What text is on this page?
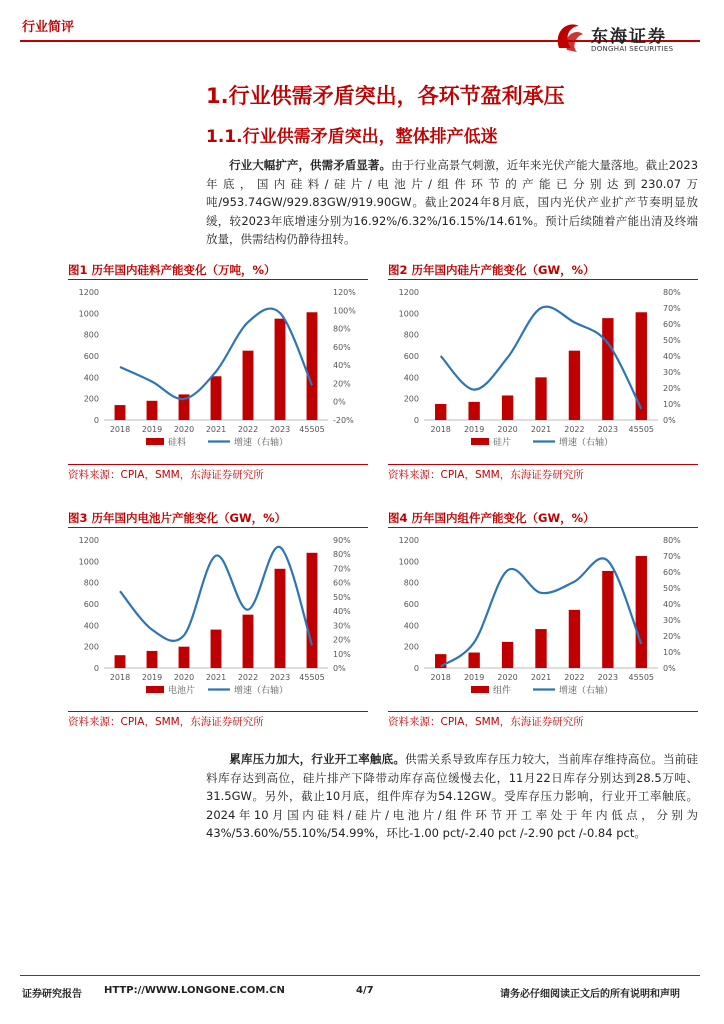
行业简评	东海证券
DONGHAI SECURITIES
1.行业供需矛盾突出，各环节盈利承压
1.1.行业供需矛盾突出，整体排产低迷
行业大幅扩产，供需矛盾显著。由于行业高景气刺激，近年来光伏产能大量落地。截止2023年底，国内硅料/硅片/电池片/组件环节的产能已分别达到230.07万吨/953.74GW/929.83GW/919.90GW。截止2024年8月底，国内光伏产业扩产节奏明显放缓，较2023年底增速分别为16.92%/6.32%/16.15%/14.61%。预计后续随着产能出清及终端放量，供需结构仍静待扭转。
图1 历年国内硅料产能变化（万吨，%）
0
200
400
600
800
1000
1200
-20%
0%
20%
40%
60%
80%
100%
120%
2018 2019 2020 2021 2022 2023 45505
硅料	增速（右轴）
资料来源：CPIA，SMM，东海证券研究所
图2 历年国内硅片产能变化（GW，%）
0
200
400
600
800
1000
1200
0%
10%
20%
30%
40%
50%
60%
70%
80%
2018 2019 2020 2021 2022 2023 45505
硅片	增速（右轴）
资料来源：CPIA，SMM，东海证券研究所
图3 历年国内电池片产能变化（GW，%）
0
200
400
600
800
1000
1200
0%
10%
20%
30%
40%
50%
60%
70%
80%
90%
2018 2019 2020 2021 2022 2023 45505
电池片	增速（右轴）
资料来源：CPIA，SMM，东海证券研究所
图4 历年国内组件产能变化（GW，%）
0
200
400
600
800
1000
1200
0%
10%
20%
30%
40%
50%
60%
70%
80%
2018 2019 2020 2021 2022 2023 45505
组件	增速（右轴）
资料来源：CPIA，SMM，东海证券研究所
累库压力加大，行业开工率触底。供需关系导致库存压力较大，当前库存维持高位。当前硅料库存达到高位，硅片排产下降带动库存高位缓慢去化，11月22日库存分别达到28.5万吨、31.5GW。另外，截止10月底，组件库存为54.12GW。受库存压力影响，行业开工率触底。2024年10月国内硅料/硅片/电池片/组件环节开工率处于年内低点，分别为43%/53.60%/55.10%/54.99%，环比-1.00 pct/-2.40 pct /-2.90 pct /-0.84 pct。
证券研究报告 HTTP://WWW.LONGONE.COM.CN	4/7	请务必仔细阅读正文后的所有说明和声明
